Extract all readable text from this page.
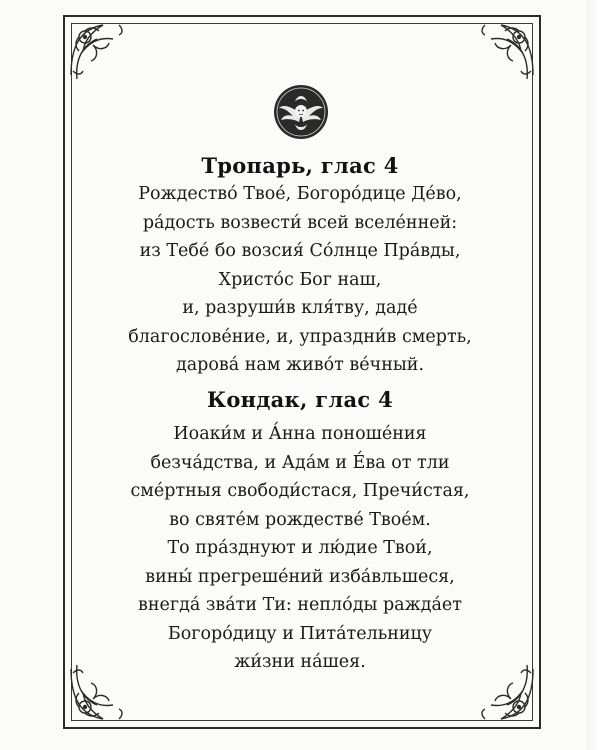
Тропарь, глас 4
Рождество́ Твое́, Богоро́дице Де́во,
ра́дость возвести́ всей вселе́нней:
из Тебе́ бо возсия́ Со́лнце Пра́вды,
Христо́с Бог наш,
и, разруши́в кля́тву, даде́
благослове́ние, и, упраздни́в смерть,
дарова́ нам живо́т ве́чный.
Кондак, глас 4
Иоаки́м и А́нна поноше́ния
безча́дства, и Ада́м и Е́ва от тли
сме́ртныя свободи́стася, Пречи́стая,
во святе́м рождестве́ Твое́м.
То пра́зднуют и лю́дие Твои́,
вины́ прегреше́ний изба́вльшеся,
внегда́ зва́ти Ти: непло́ды ражда́ет
Богоро́дицу и Пита́тельницу
жи́зни на́шея.
